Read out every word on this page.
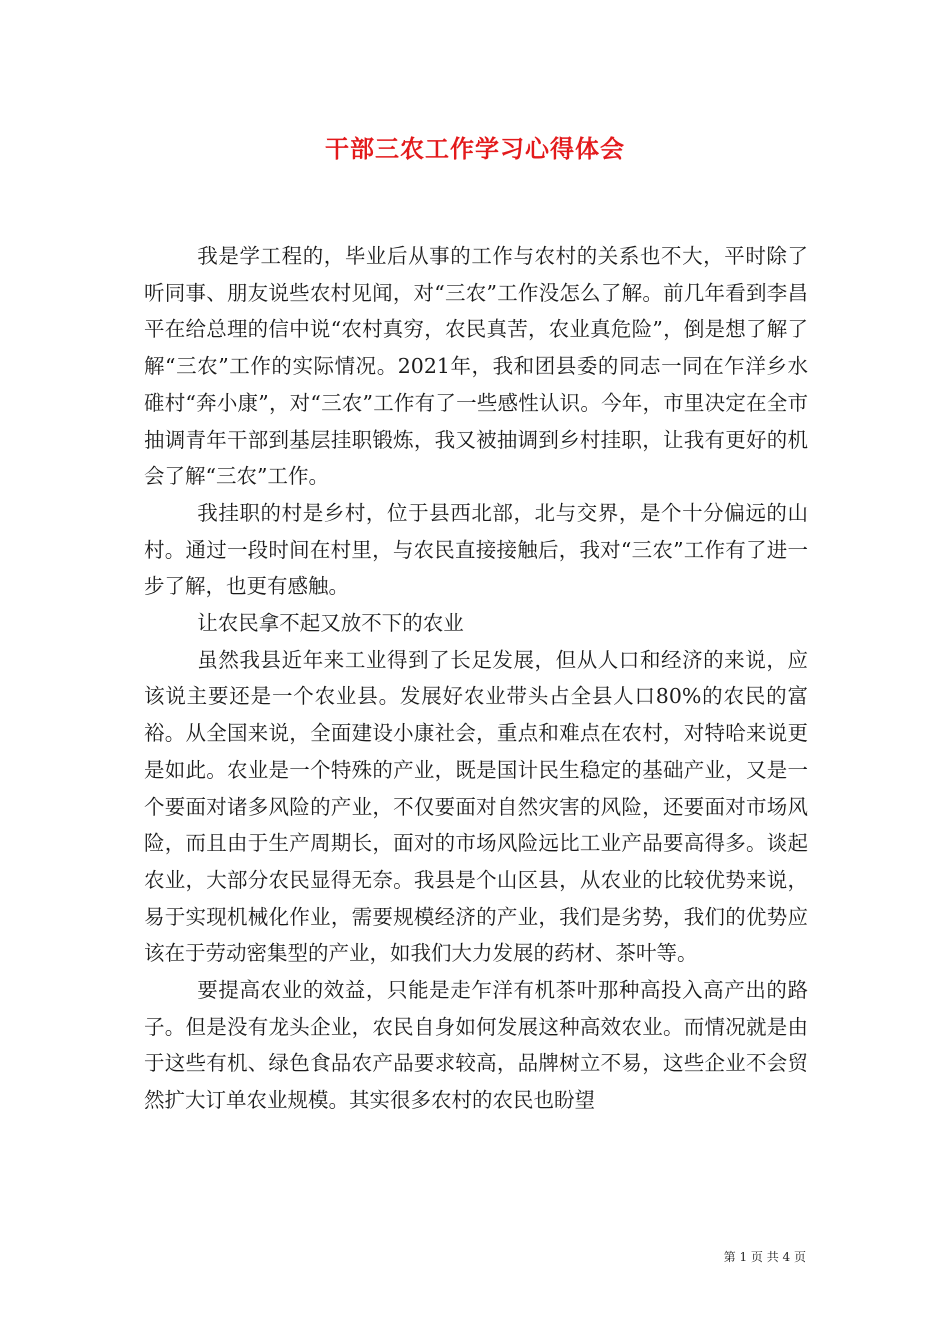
干部三农工作学习心得体会

我是学工程的，毕业后从事的工作与农村的关系也不大，平时除了听同事、朋友说些农村见闻，对“三农”工作没怎么了解。前几年看到李昌平在给总理的信中说“农村真穷，农民真苦，农业真危险”，倒是想了解了解“三农”工作的实际情况。2021年，我和团县委的同志一同在乍洋乡水碓村“奔小康”，对“三农”工作有了一些感性认识。今年，市里决定在全市抽调青年干部到基层挂职锻炼，我又被抽调到乡村挂职，让我有更好的机会了解“三农”工作。

我挂职的村是乡村，位于县西北部，北与交界，是个十分偏远的山村。通过一段时间在村里，与农民直接接触后，我对“三农”工作有了进一步了解，也更有感触。

让农民拿不起又放不下的农业

虽然我县近年来工业得到了长足发展，但从人口和经济的来说，应该说主要还是一个农业县。发展好农业带头占全县人口80%的农民的富裕。从全国来说，全面建设小康社会，重点和难点在农村，对特哈来说更是如此。农业是一个特殊的产业，既是国计民生稳定的基础产业，又是一个要面对诸多风险的产业，不仅要面对自然灾害的风险，还要面对市场风险，而且由于生产周期长，面对的市场风险远比工业产品要高得多。谈起农业，大部分农民显得无奈。我县是个山区县，从农业的比较优势来说，易于实现机械化作业，需要规模经济的产业，我们是劣势，我们的优势应该在于劳动密集型的产业，如我们大力发展的药材、茶叶等。

要提高农业的效益，只能是走乍洋有机茶叶那种高投入高产出的路子。但是没有龙头企业，农民自身如何发展这种高效农业。而情况就是由于这些有机、绿色食品农产品要求较高，品牌树立不易，这些企业不会贸然扩大订单农业规模。其实很多农村的农民也盼望

第 1 页 共 4 页
